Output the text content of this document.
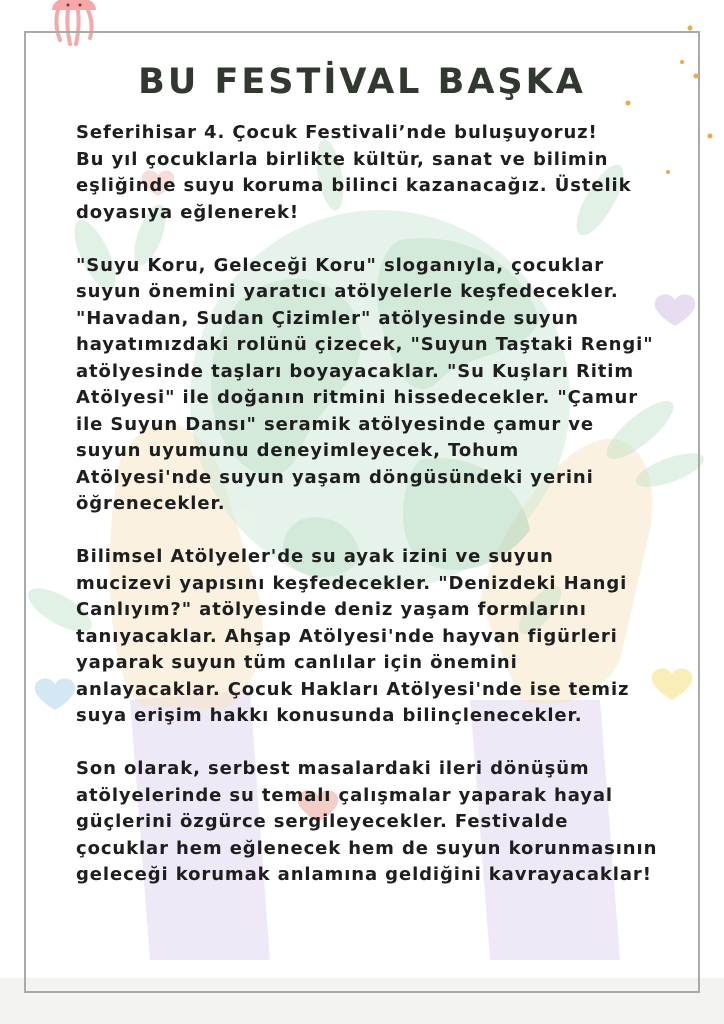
BU FESTİVAL BAŞKA

Seferihisar 4. Çocuk Festivali’nde buluşuyoruz!
Bu yıl çocuklarla birlikte kültür, sanat ve bilimin
eşliğinde suyu koruma bilinci kazanacağız. Üstelik
doyasıya eğlenerek!

"Suyu Koru, Geleceği Koru" sloganıyla, çocuklar
suyun önemini yaratıcı atölyelerle keşfedecekler.
"Havadan, Sudan Çizimler" atölyesinde suyun
hayatımızdaki rolünü çizecek, "Suyun Taştaki Rengi"
atölyesinde taşları boyayacaklar. "Su Kuşları Ritim
Atölyesi" ile doğanın ritmini hissedecekler. "Çamur
ile Suyun Dansı" seramik atölyesinde çamur ve
suyun uyumunu deneyimleyecek, Tohum
Atölyesi'nde suyun yaşam döngüsündeki yerini
öğrenecekler.

Bilimsel Atölyeler'de su ayak izini ve suyun
mucizevi yapısını keşfedecekler. "Denizdeki Hangi
Canlıyım?" atölyesinde deniz yaşam formlarını
tanıyacaklar. Ahşap Atölyesi'nde hayvan figürleri
yaparak suyun tüm canlılar için önemini
anlayacaklar. Çocuk Hakları Atölyesi'nde ise temiz
suya erişim hakkı konusunda bilinçlenecekler.

Son olarak, serbest masalardaki ileri dönüşüm
atölyelerinde su temalı çalışmalar yaparak hayal
güçlerini özgürce sergileyecekler. Festivalde
çocuklar hem eğlenecek hem de suyun korunmasının
geleceği korumak anlamına geldiğini kavrayacaklar!
